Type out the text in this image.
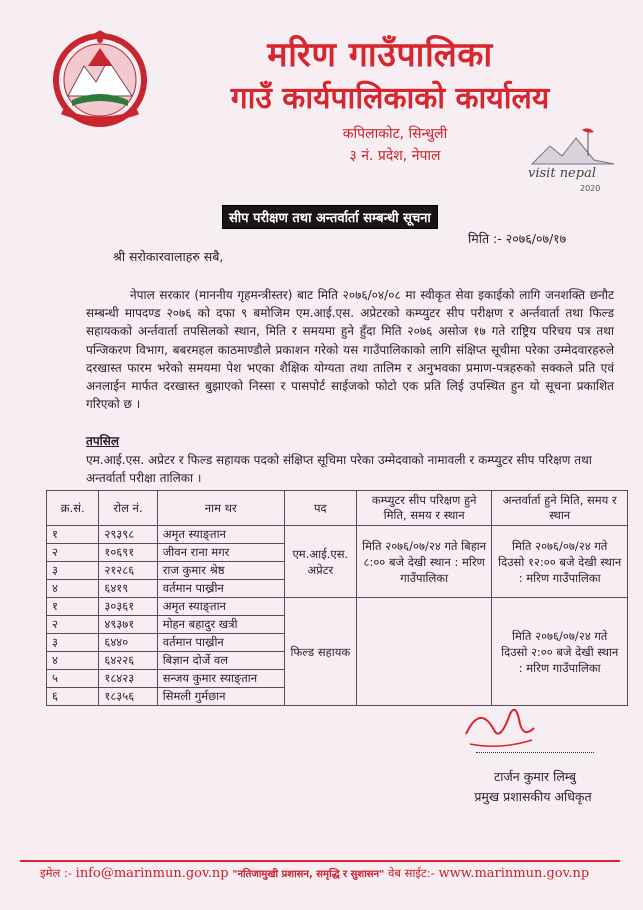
मरिण गाउँपालिका
गाउँ कार्यपालिकाको कार्यालय
कपिलाकोट, सिन्धुली
३ नं. प्रदेश, नेपाल
visit nepal
2020
सीप परीक्षण तथा अन्तर्वार्ता सम्बन्धी सूचना
मिति :- २०७६/०७/१७
श्री सरोकारवालाहरु सबै,
नेपाल सरकार (माननीय गृहमन्त्रीस्तर) बाट मिति २०७६/०४/०८ मा स्वीकृत सेवा इकाईको लागि जनशक्ति छनौट सम्बन्धी मापदण्ड २०७६ को दफा ९ बमोजिम एम.आई.एस. अप्रेटरको कम्प्युटर सीप परीक्षण र अर्न्तवार्ता तथा फिल्ड सहायकको अर्न्तवार्ता तपसिलको स्थान, मिति र समयमा हुने हुँदा मिति २०७६ असोज १७ गते राष्ट्रिय परिचय पत्र तथा पन्जिकरण विभाग, बबरमहल काठमाण्डौले प्रकाशन गरेको यस गाउँपालिकाको लागि संक्षिप्त सूचीमा परेका उम्मेदवारहरुले दरखास्त फारम भरेको समयमा पेश भएका शैक्षिक योग्यता तथा तालिम र अनुभवका प्रमाण-पत्रहरुको सक्कले प्रति एवं अनलाईन मार्फत दरखास्त बुझाएको निस्सा र पासपोर्ट साईजको फोटो एक प्रति लिई उपस्थित हुन यो सूचना प्रकाशित गरिएको छ ।
तपसिल
एम.आई.एस. अप्रेटर र फिल्ड सहायक पदको संक्षिप्त सूचिमा परेका उम्मेदवाको नामावली र कम्प्युटर सीप परिक्षण तथा अन्तर्वार्ता परीक्षा तालिका ।
क्र.सं.	रोल नं.	नाम थर	पद	कम्प्युटर सीप परिक्षण हुने मिति, समय र स्थान	अन्तर्वार्ता हुने मिति, समय र स्थान
१	२९३९८	अमृत स्याङ्तान	एम.आई.एस. अप्रेटर	मिति २०७६/०७/२४ गते बिहान ८:०० बजे देखी स्थान : मरिण गाउँपालिका	मिति २०७६/०७/२४ गते दिउसो १२:०० बजे देखी स्थान : मरिण गाउँपालिका
२	१०६९१	जीवन राना मगर			
३	२१२८६	राज कुमार श्रेष्ठ			
४	६४१९	वर्तमान पाख्रीन			
१	३०३६१	अमृत स्याङ्तान	फिल्ड सहायक		मिति २०७६/०७/२४ गते दिउसो २:०० बजे देखी स्थान : मरिण गाउँपालिका
२	४९३७१	मोहन बहादुर खत्री			
३	६४४०	वर्तमान पाख्रीन			
४	६४२२६	बिज्ञान दोर्जे वल			
५	१८४२३	सन्जय कुमार स्याङ्तान			
६	१८३५६	सिमली गुर्मछान			
टार्जन कुमार लिम्बु
प्रमुख प्रशासकीय अधिकृत
इमेल :- info@marinmun.gov.np "नतिजामुखी प्रशासन, समृद्धि र सुशासन" वेब साईट:- www.marinmun.gov.np
